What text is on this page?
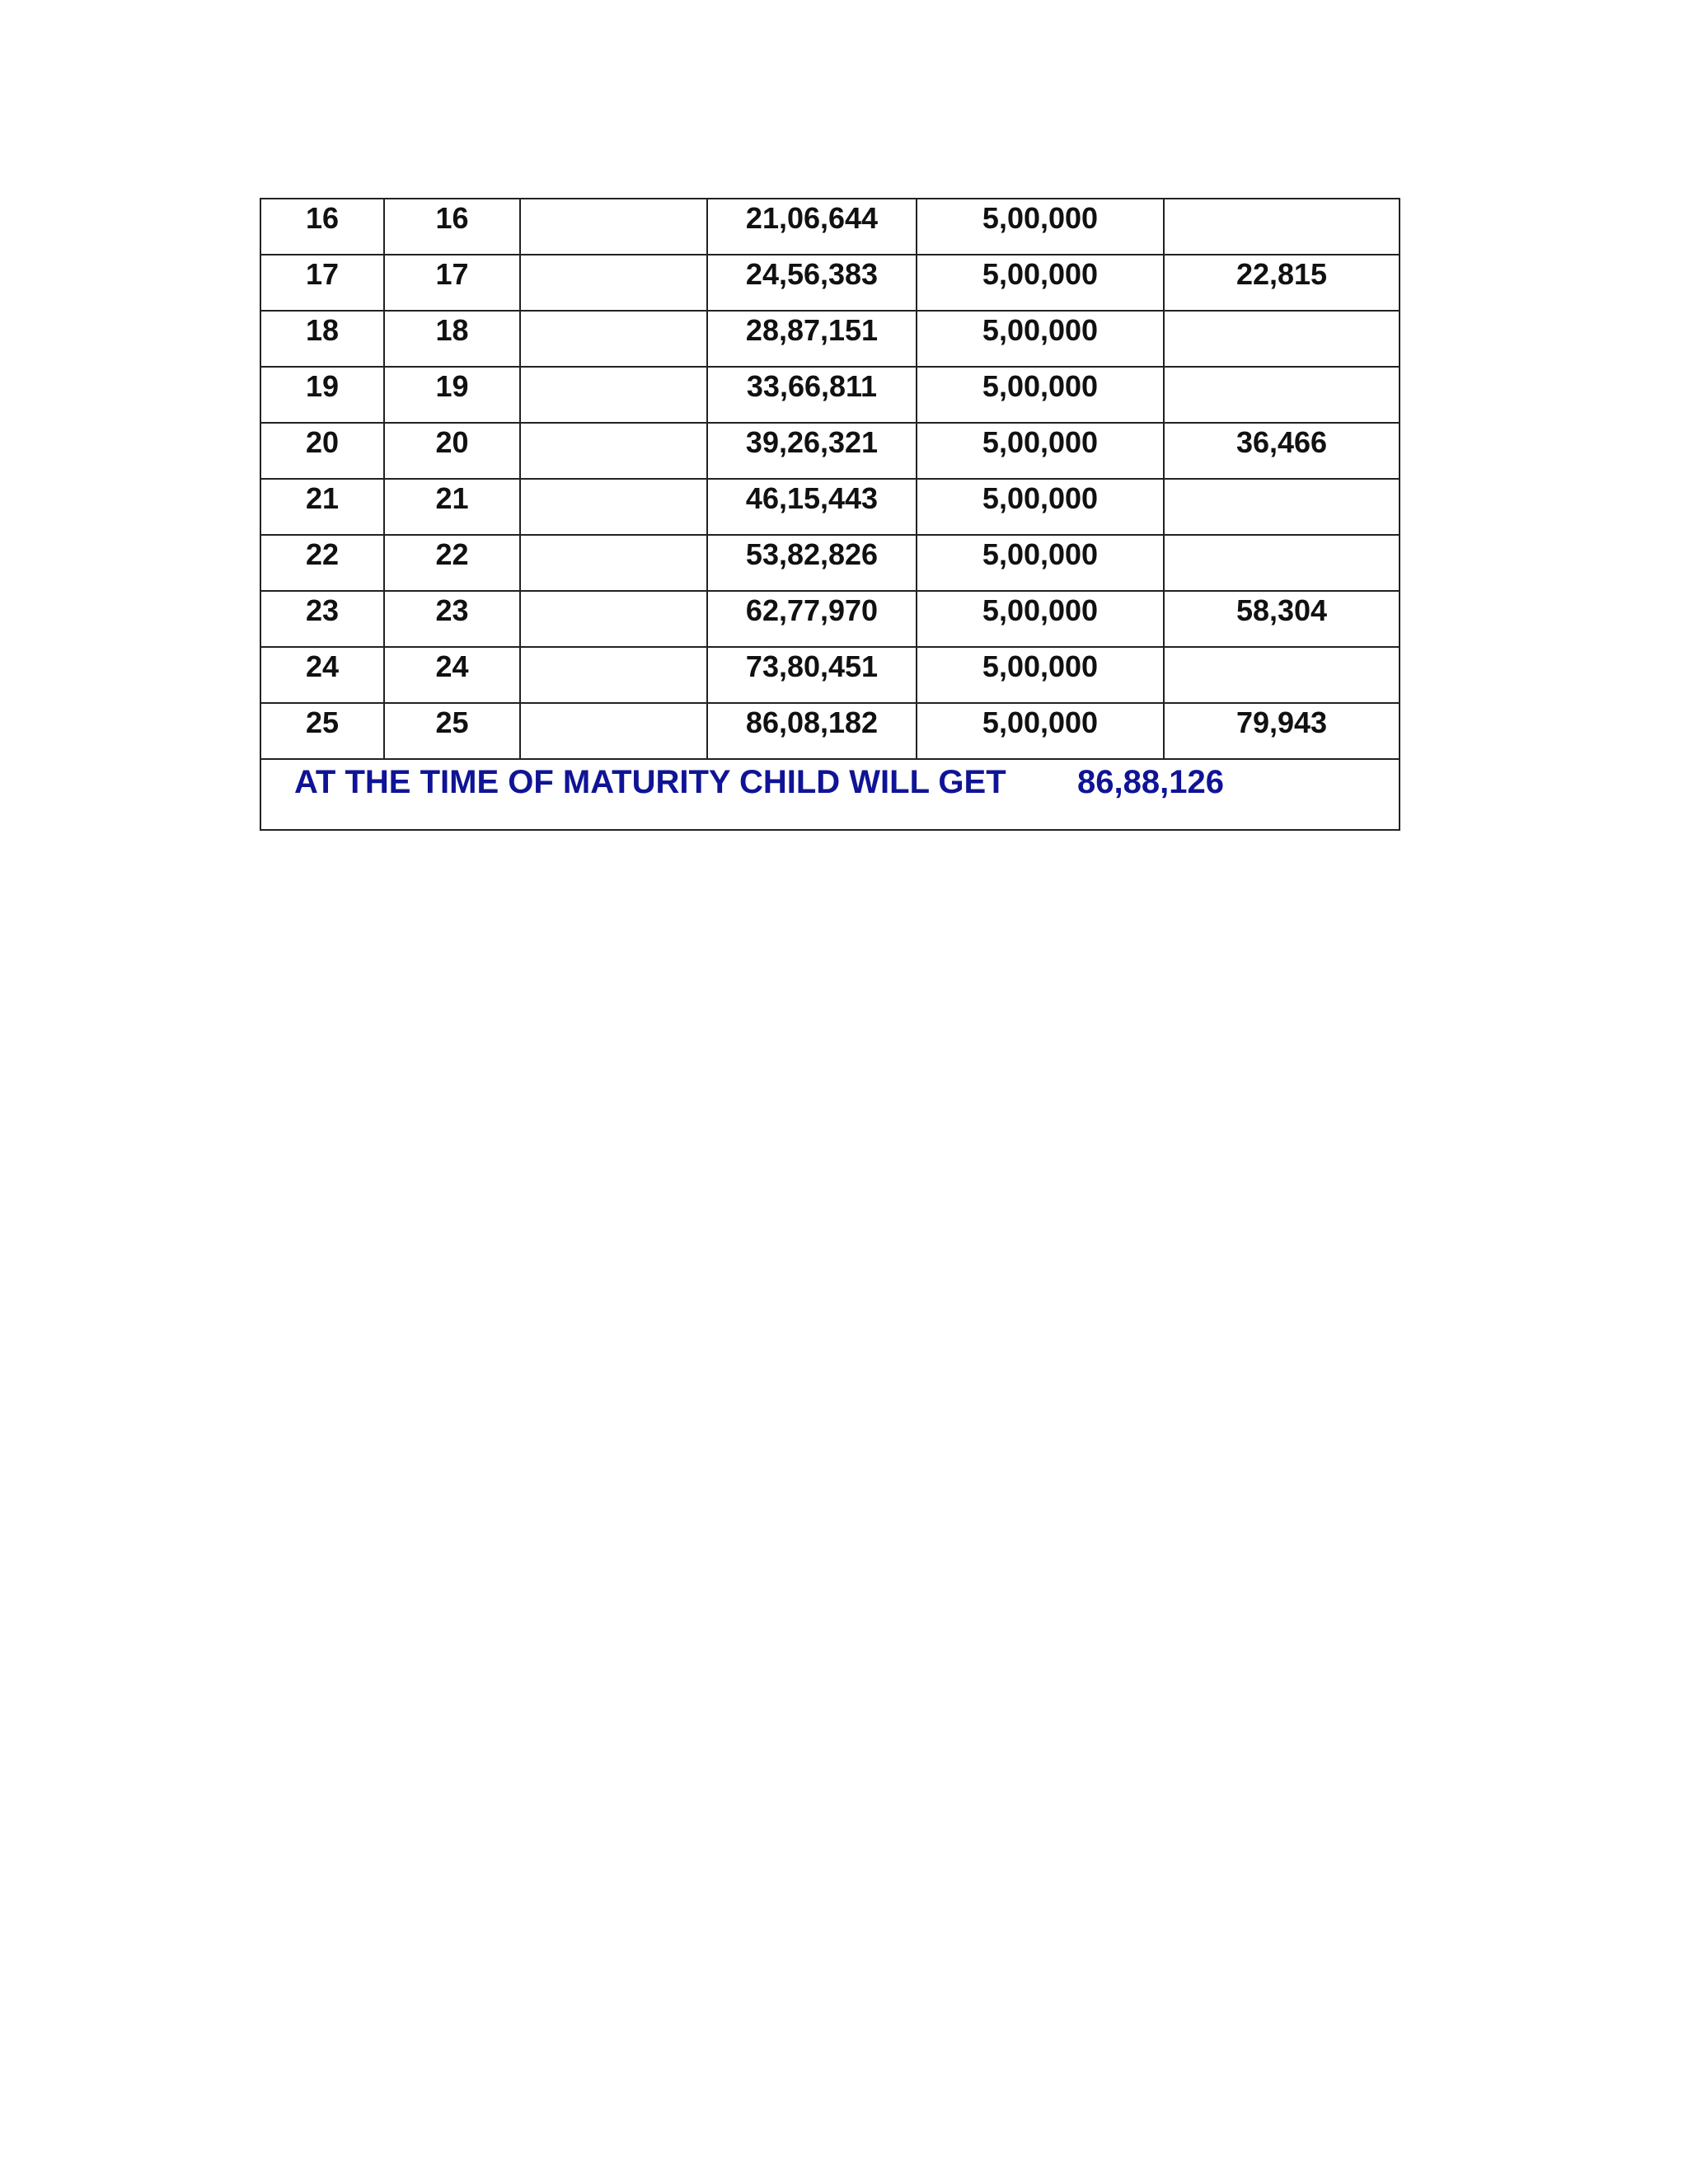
16	16		21,06,644	5,00,000	
17	17		24,56,383	5,00,000	22,815
18	18		28,87,151	5,00,000	
19	19		33,66,811	5,00,000	
20	20		39,26,321	5,00,000	36,466
21	21		46,15,443	5,00,000	
22	22		53,82,826	5,00,000	
23	23		62,77,970	5,00,000	58,304
24	24		73,80,451	5,00,000	
25	25		86,08,182	5,00,000	79,943

AT THE TIME OF MATURITY CHILD WILL GET 86,88,126					
